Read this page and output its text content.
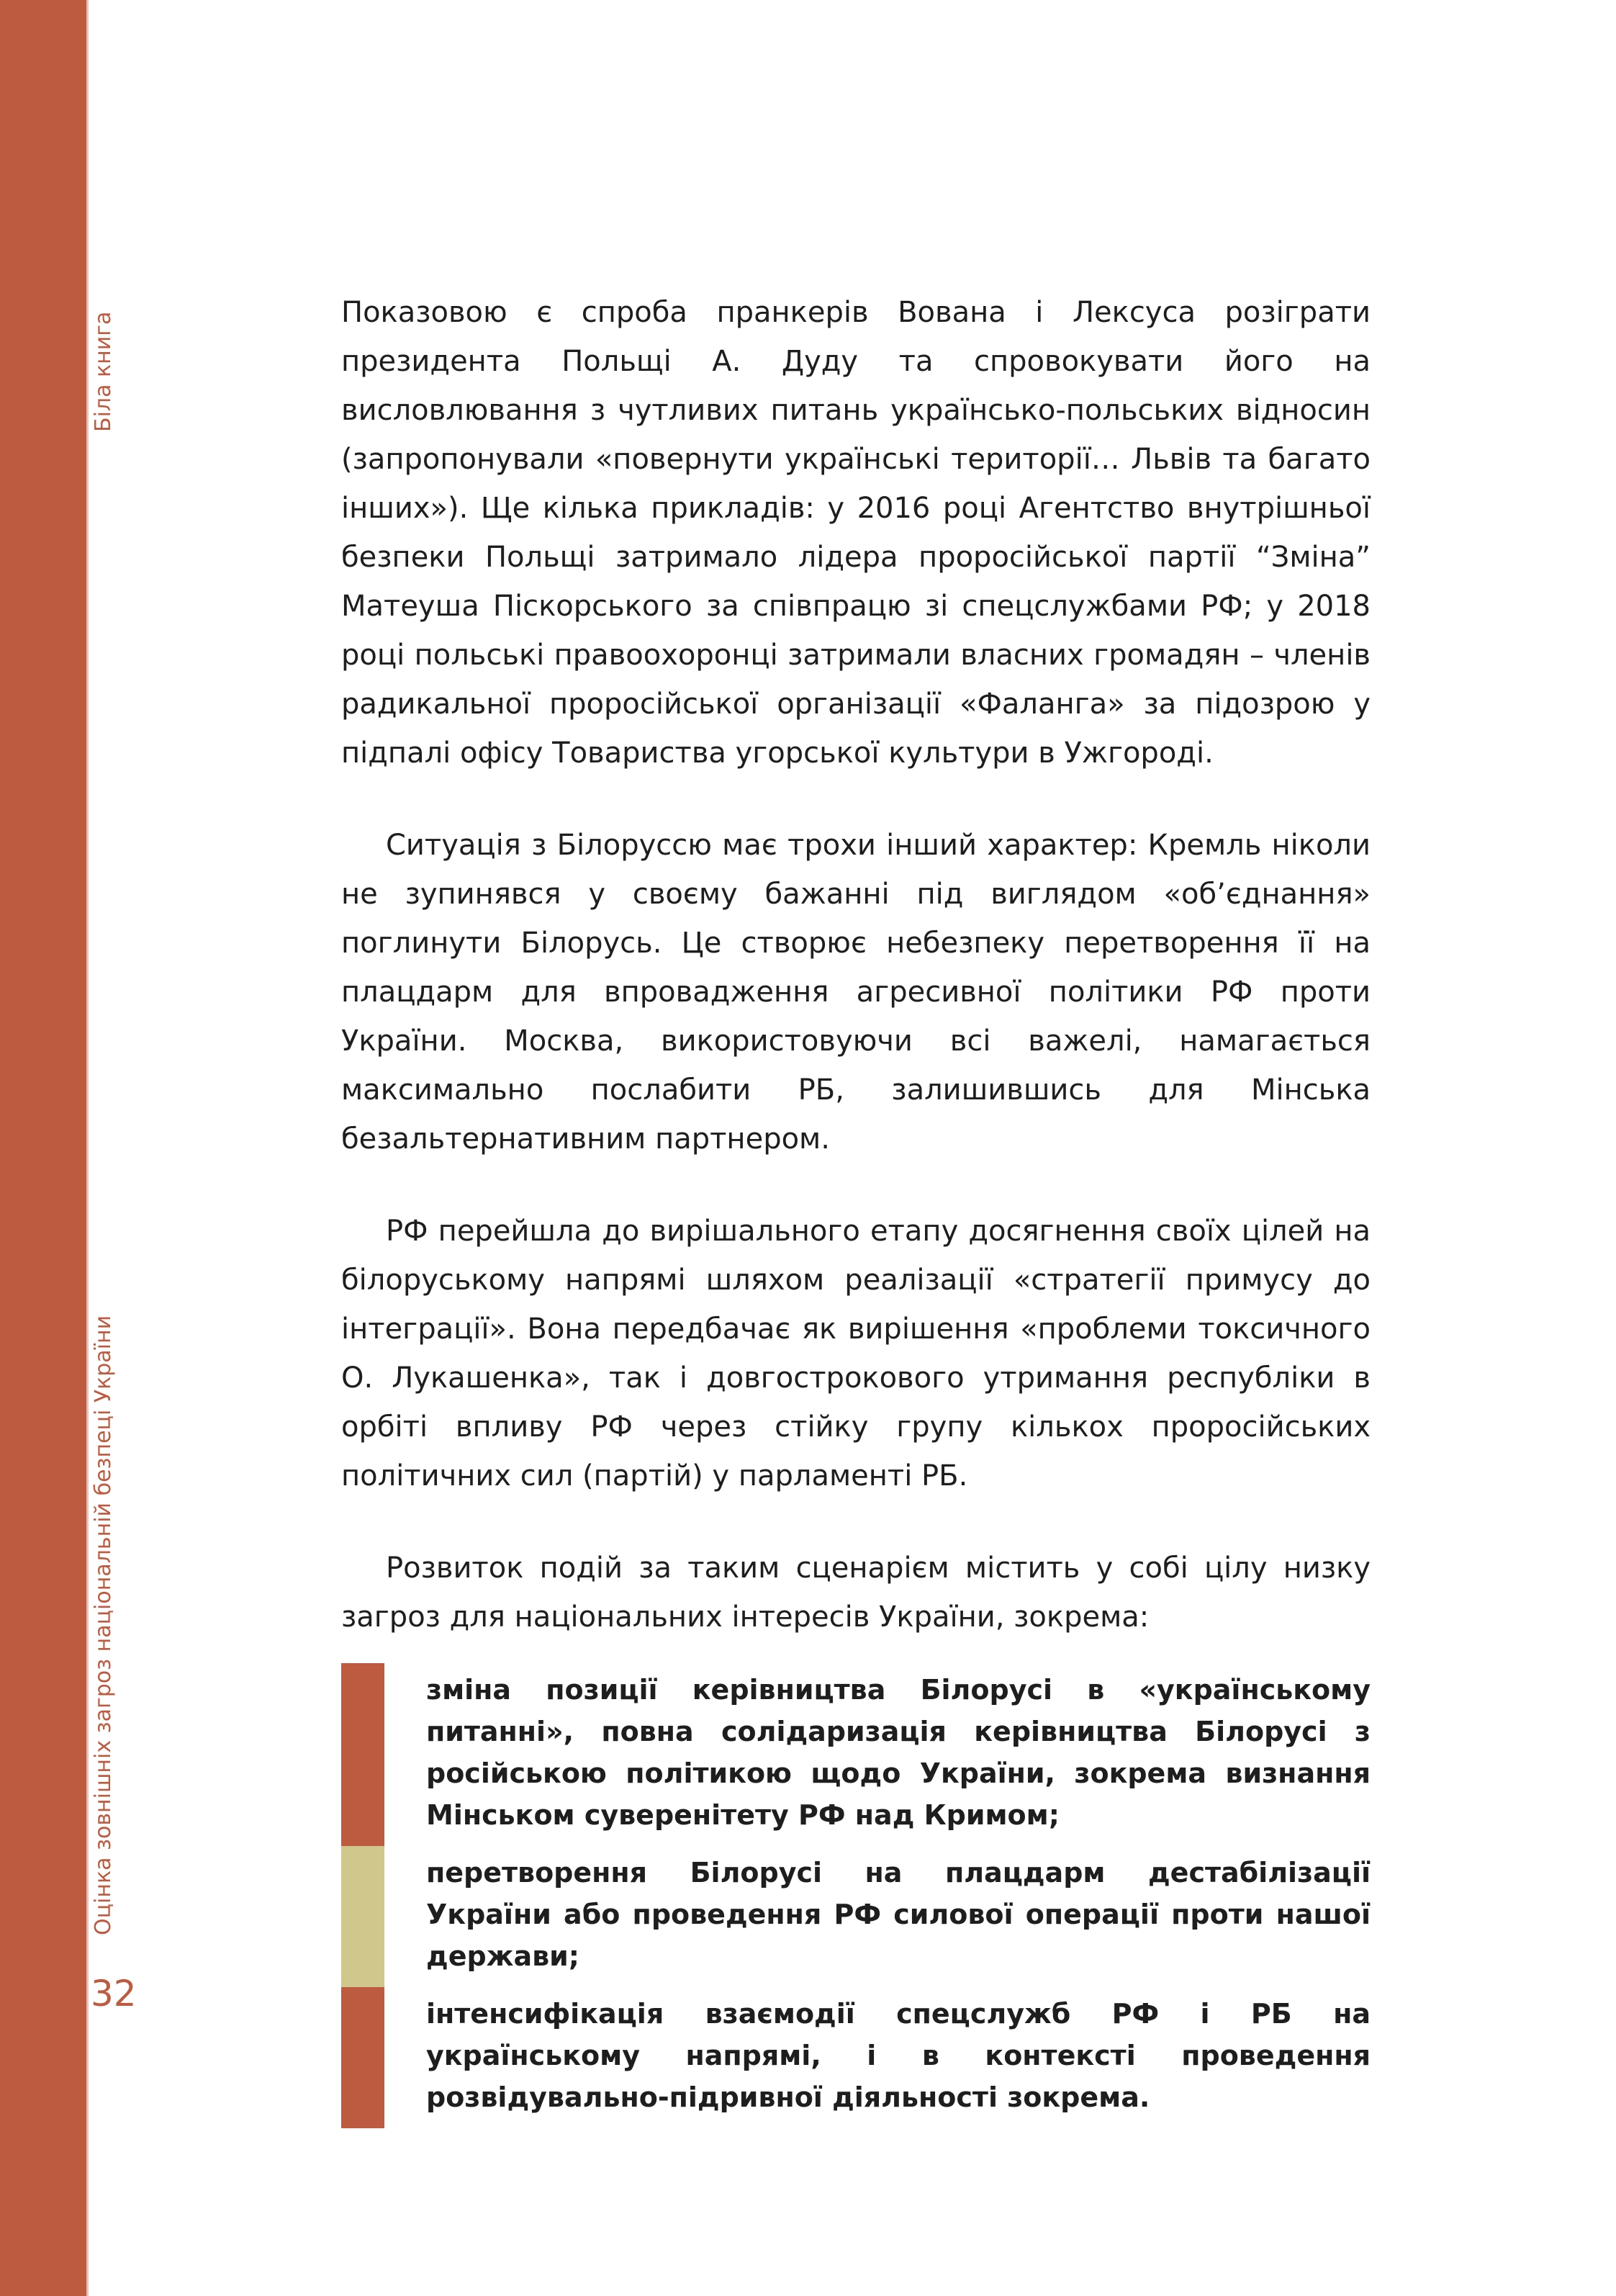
Біла книга
Оцінка зовнішніх загроз національній безпеці України
32

Показовою є спроба пранкерів Вована і Лексуса розіграти президента Польщі А. Дуду та спровокувати його на висловлювання з чутливих питань українсько-польських відносин (запропонували «повернути українські території… Львів та багато інших»). Ще кілька прикладів: у 2016 році Агентство внутрішньої безпеки Польщі затримало лідера проросійської партії “Зміна” Матеуша Піскорського за співпрацю зі спецслужбами РФ; у 2018 році польські правоохоронці затримали власних громадян – членів радикальної проросійської організації «Фаланга» за підозрою у підпалі офісу Товариства угорської культури в Ужгороді.

Ситуація з Білоруссю має трохи інший характер: Кремль ніколи не зупинявся у своєму бажанні під виглядом «об’єднання» поглинути Білорусь. Це створює небезпеку перетворення її на плацдарм для впровадження агресивної політики РФ проти України. Москва, використовуючи всі важелі, намагається максимально послабити РБ, залишившись для Мінська безальтернативним партнером.

РФ перейшла до вирішального етапу досягнення своїх цілей на білоруському напрямі шляхом реалізації «стратегії примусу до інтеграції». Вона передбачає як вирішення «проблеми токсичного О. Лукашенка», так і довгострокового утримання республіки в орбіті впливу РФ через стійку групу кількох проросійських політичних сил (партій) у парламенті РБ.

Розвиток подій за таким сценарієм містить у собі цілу низку загроз для національних інтересів України, зокрема:

зміна позиції керівництва Білорусі в «українському питанні», повна солідаризація керівництва Білорусі з російською політикою щодо України, зокрема визнання Мінськом суверенітету РФ над Кримом;
перетворення Білорусі на плацдарм дестабілізації України або проведення РФ силової операції проти нашої держави;
інтенсифікація взаємодії спецслужб РФ і РБ на українському напрямі, і в контексті проведення розвідувально-підривної діяльності зокрема.
